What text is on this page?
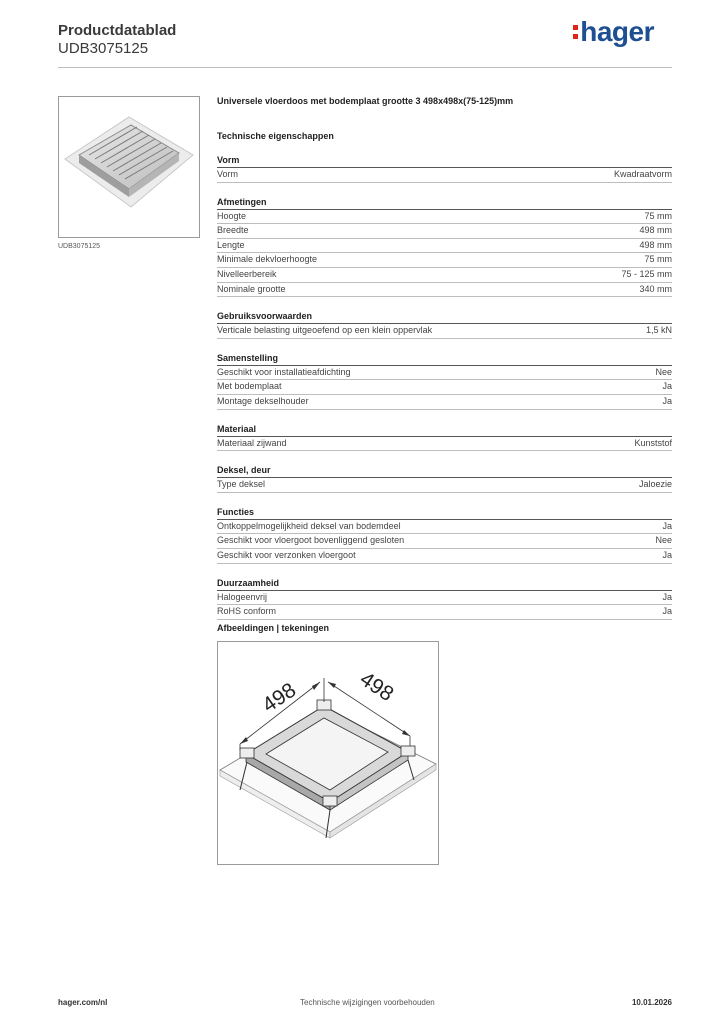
Productdatablad
UDB3075125
hager
UDB3075125
Universele vloerdoos met bodemplaat grootte 3 498x498x(75-125)mm
Technische eigenschappen
Vorm
Vorm	Kwadraatvorm
Afmetingen
Hoogte	75 mm
Breedte	498 mm
Lengte	498 mm
Minimale dekvloerhoogte	75 mm
Nivelleerbereik	75 - 125 mm
Nominale grootte	340 mm
Gebruiksvoorwaarden
Verticale belasting uitgeoefend op een klein oppervlak	1,5 kN
Samenstelling
Geschikt voor installatieafdichting	Nee
Met bodemplaat	Ja
Montage dekselhouder	Ja
Materiaal
Materiaal zijwand	Kunststof
Deksel, deur
Type deksel	Jaloezie
Functies
Ontkoppelmogelijkheid deksel van bodemdeel	Ja
Geschikt voor vloergoot bovenliggend gesloten	Nee
Geschikt voor verzonken vloergoot	Ja
Duurzaamheid
Halogeenvrij	Ja
RoHS conform	Ja
Afbeeldingen | tekeningen
498	498
hager.com/nl	Technische wijzigingen voorbehouden	10.01.2026
